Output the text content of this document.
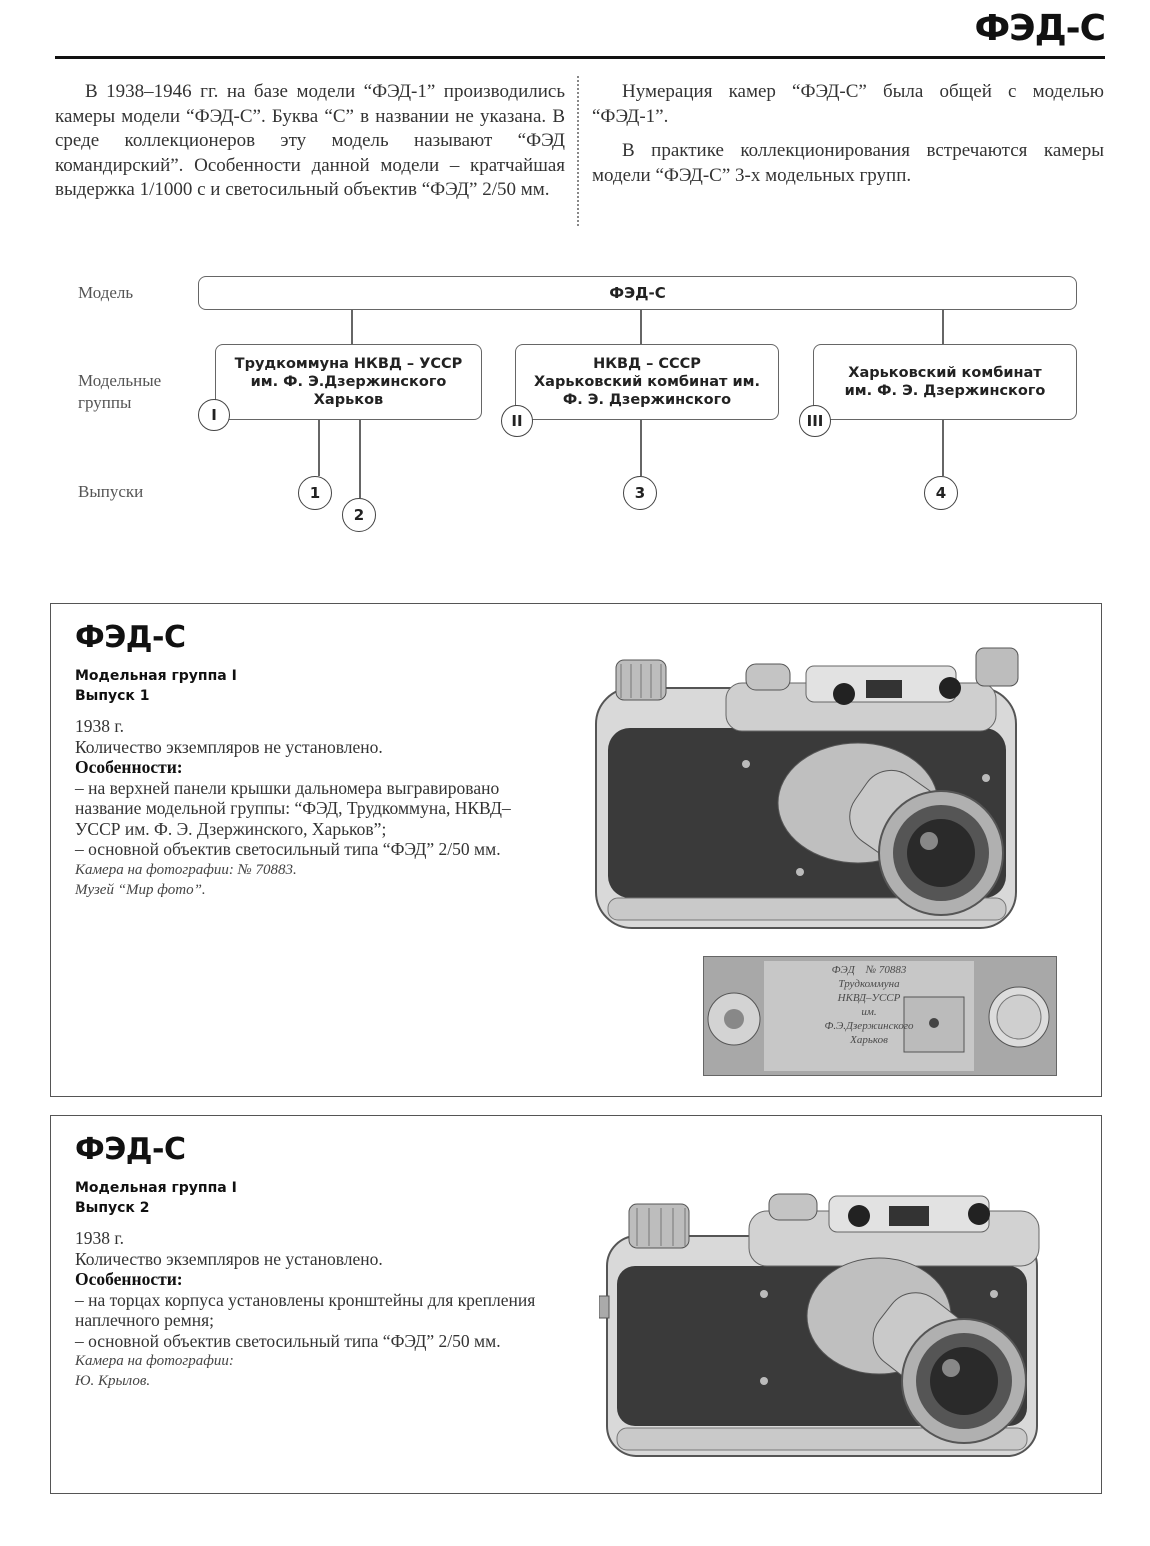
ФЭД-С

В 1938–1946 гг. на базе модели “ФЭД-1” производились камеры модели “ФЭД-С”. Буква “С” в названии не указана. В среде коллекционеров эту модель называют “ФЭД командирский”. Особенности данной модели – кратчайшая выдержка 1/1000 с и светосильный объектив “ФЭД” 2/50 мм.

Нумерация камер “ФЭД-С” была общей с моделью “ФЭД-1”.

В практике коллекционирования встречаются камеры модели “ФЭД-С” 3-х модельных групп.

Модель
Модельные
группы
Выпуски
ФЭД-С
Трудкоммуна НКВД – УССР
им. Ф. Э.Дзержинского
Харьков
НКВД – СССР
Харьковский комбинат им.
Ф. Э. Дзержинского
Харьковский комбинат
им. Ф. Э. Дзержинского
I	II	III
1
2
3	4
ФЭД-С
Модельная группа I
Выпуск 1
1938 г.
Количество экземпляров не установлено.
Особенности:
– на верхней панели крышки дальномера выгравировано название модельной группы: “ФЭД, Трудкоммуна, НКВД–УССР им. Ф. Э. Дзержинского, Харьков”;
– основной объектив светосильный типа “ФЭД” 2/50 мм.
Камера на фотографии: № 70883.
Музей “Мир фото”.
ФЭД № 70883
Трудкоммуна
НКВД–УССР
им.
Ф.Э.Дзержинского
Харьков
ФЭД-С
Модельная группа I
Выпуск 2
1938 г.
Количество экземпляров не установлено.
Особенности:
– на торцах корпуса установлены кронштейны для крепления наплечного ремня;
– основной объектив светосильный типа “ФЭД” 2/50 мм.
Камера на фотографии:
Ю. Крылов.
